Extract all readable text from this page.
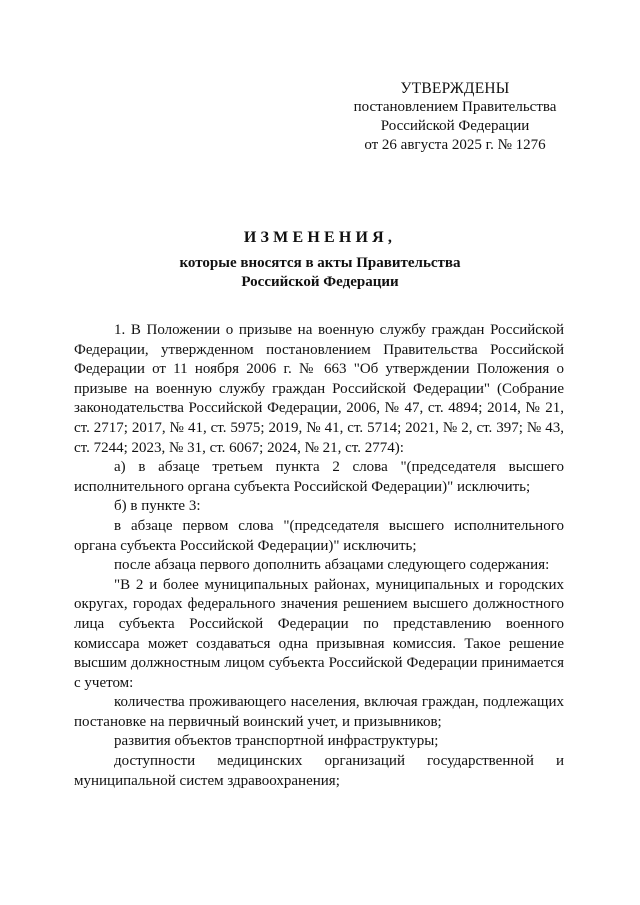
УТВЕРЖДЕНЫ
постановлением Правительства
Российской Федерации
от 26 августа 2025 г. № 1276
ИЗМЕНЕНИЯ,
которые вносятся в акты Правительства
Российской Федерации

1. В Положении о призыве на военную службу граждан Российской Федерации, утвержденном постановлением Правительства Российской Федерации от 11 ноября 2006 г. № 663 "Об утверждении Положения о призыве на военную службу граждан Российской Федерации" (Собрание законодательства Российской Федерации, 2006, № 47, ст. 4894; 2014, № 21, ст. 2717; 2017, № 41, ст. 5975; 2019, № 41, ст. 5714; 2021, № 2, ст. 397; № 43, ст. 7244; 2023, № 31, ст. 6067; 2024, № 21, ст. 2774):

а) в абзаце третьем пункта 2 слова "(председателя высшего исполнительного органа субъекта Российской Федерации)" исключить;

б) в пункте 3:

в абзаце первом слова "(председателя высшего исполнительного органа субъекта Российской Федерации)" исключить;

после абзаца первого дополнить абзацами следующего содержания:

"В 2 и более муниципальных районах, муниципальных и городских округах, городах федерального значения решением высшего должностного лица субъекта Российской Федерации по представлению военного комиссара может создаваться одна призывная комиссия. Такое решение высшим должностным лицом субъекта Российской Федерации принимается с учетом:

количества проживающего населения, включая граждан, подлежащих постановке на первичный воинский учет, и призывников;

развития объектов транспортной инфраструктуры;

доступности медицинских организаций государственной и муниципальной систем здравоохранения;
